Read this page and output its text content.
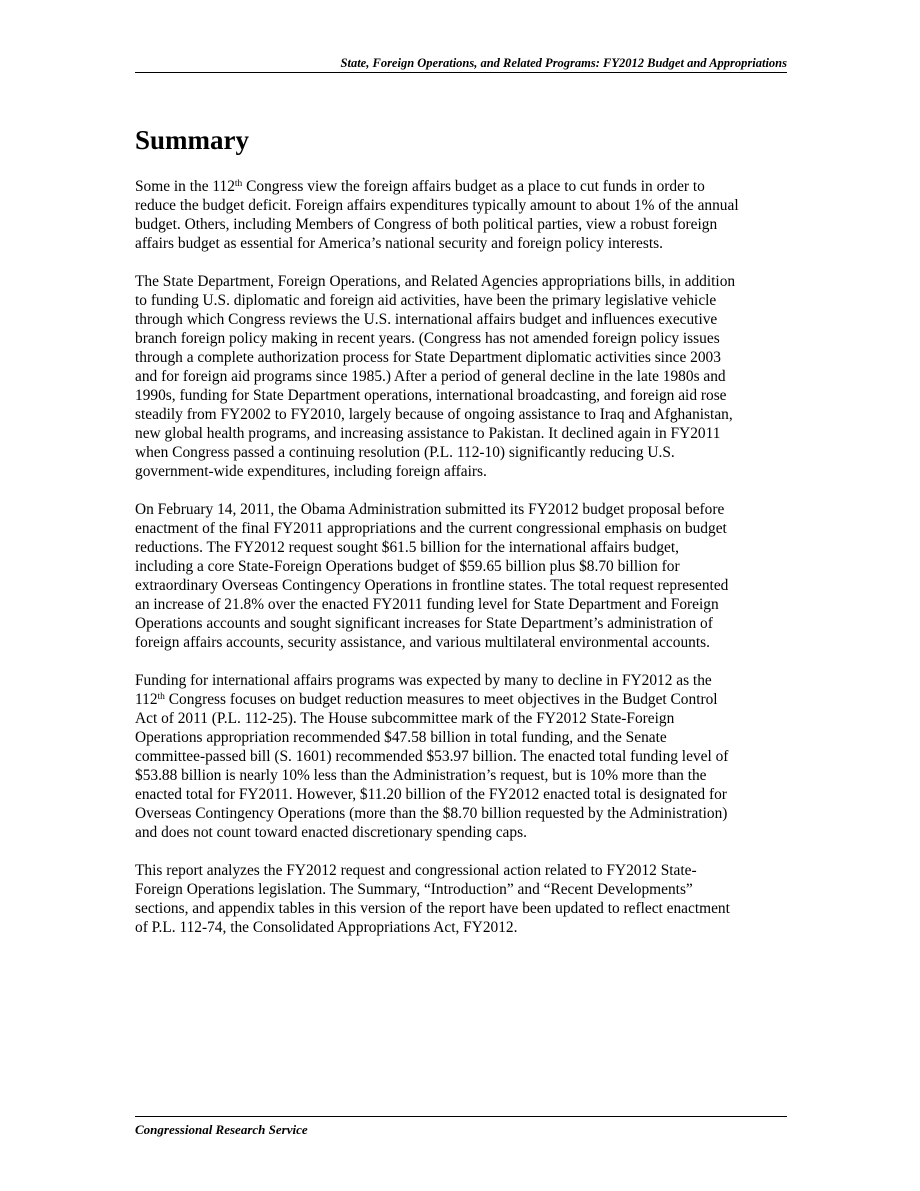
State, Foreign Operations, and Related Programs: FY2012 Budget and Appropriations
Summary

Some in the 112th Congress view the foreign affairs budget as a place to cut funds in order to
reduce the budget deficit. Foreign affairs expenditures typically amount to about 1% of the annual
budget. Others, including Members of Congress of both political parties, view a robust foreign
affairs budget as essential for America’s national security and foreign policy interests.

The State Department, Foreign Operations, and Related Agencies appropriations bills, in addition
to funding U.S. diplomatic and foreign aid activities, have been the primary legislative vehicle
through which Congress reviews the U.S. international affairs budget and influences executive
branch foreign policy making in recent years. (Congress has not amended foreign policy issues
through a complete authorization process for State Department diplomatic activities since 2003
and for foreign aid programs since 1985.) After a period of general decline in the late 1980s and
1990s, funding for State Department operations, international broadcasting, and foreign aid rose
steadily from FY2002 to FY2010, largely because of ongoing assistance to Iraq and Afghanistan,
new global health programs, and increasing assistance to Pakistan. It declined again in FY2011
when Congress passed a continuing resolution (P.L. 112-10) significantly reducing U.S.
government-wide expenditures, including foreign affairs.

On February 14, 2011, the Obama Administration submitted its FY2012 budget proposal before
enactment of the final FY2011 appropriations and the current congressional emphasis on budget
reductions. The FY2012 request sought $61.5 billion for the international affairs budget,
including a core State-Foreign Operations budget of $59.65 billion plus $8.70 billion for
extraordinary Overseas Contingency Operations in frontline states. The total request represented
an increase of 21.8% over the enacted FY2011 funding level for State Department and Foreign
Operations accounts and sought significant increases for State Department’s administration of
foreign affairs accounts, security assistance, and various multilateral environmental accounts.

Funding for international affairs programs was expected by many to decline in FY2012 as the
112th Congress focuses on budget reduction measures to meet objectives in the Budget Control
Act of 2011 (P.L. 112-25). The House subcommittee mark of the FY2012 State-Foreign
Operations appropriation recommended $47.58 billion in total funding, and the Senate
committee-passed bill (S. 1601) recommended $53.97 billion. The enacted total funding level of
$53.88 billion is nearly 10% less than the Administration’s request, but is 10% more than the
enacted total for FY2011. However, $11.20 billion of the FY2012 enacted total is designated for
Overseas Contingency Operations (more than the $8.70 billion requested by the Administration)
and does not count toward enacted discretionary spending caps.

This report analyzes the FY2012 request and congressional action related to FY2012 State-
Foreign Operations legislation. The Summary, “Introduction” and “Recent Developments”
sections, and appendix tables in this version of the report have been updated to reflect enactment
of P.L. 112-74, the Consolidated Appropriations Act, FY2012.

Congressional Research Service
